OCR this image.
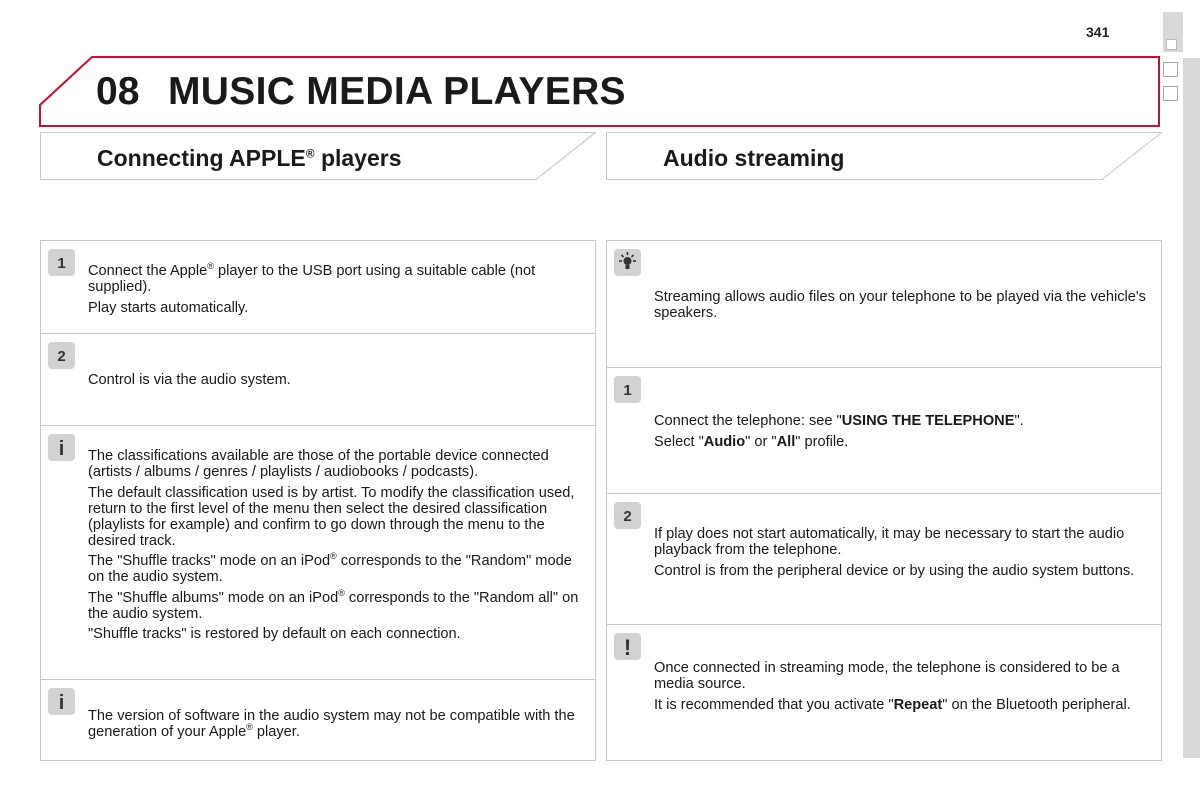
341
08 MUSIC MEDIA PLAYERS
Connecting APPLE® players	Audio streaming
1 Connect the Apple® player to the USB port using a suitable cable (not supplied).

Play starts automatically.

2

Control is via the audio system.

i The classifications available are those of the portable device connected (artists / albums / genres / playlists / audiobooks / podcasts).

The default classification used is by artist. To modify the classification used, return to the first level of the menu then select the desired classification (playlists for example) and confirm to go down through the menu to the desired track.

The "Shuffle tracks" mode on an iPod® corresponds to the "Random" mode on the audio system.

The "Shuffle albums" mode on an iPod® corresponds to the "Random all" on the audio system.

"Shuffle tracks" is restored by default on each connection.

i

The version of software in the audio system may not be compatible with the generation of your Apple® player.

Streaming allows audio files on your telephone to be played via the vehicle's speakers.

1

Connect the telephone: see "USING THE TELEPHONE".

Select "Audio" or "All" profile.

2

If play does not start automatically, it may be necessary to start the audio playback from the telephone.

Control is from the peripheral device or by using the audio system buttons.

!

Once connected in streaming mode, the telephone is considered to be a media source.

It is recommended that you activate "Repeat" on the Bluetooth peripheral.
